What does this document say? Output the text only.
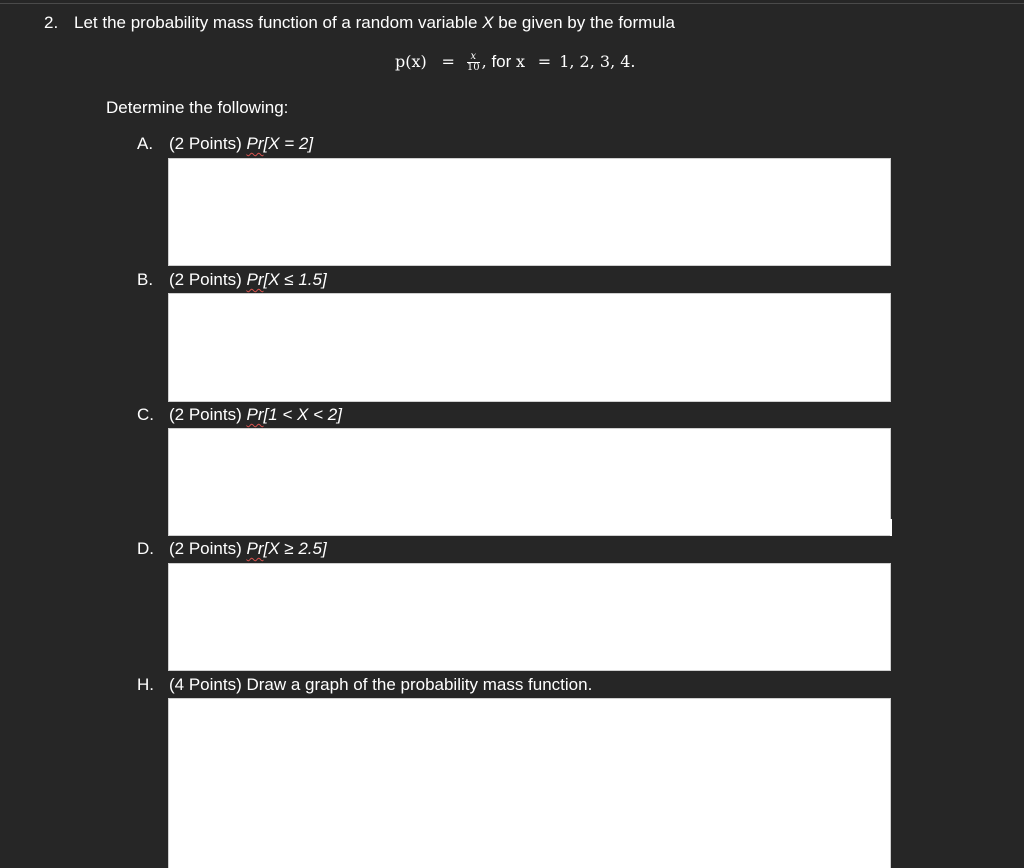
2. Let the probability mass function of a random variable X be given by the formula
$p(x) = \frac{x}{10}$ , for x = 1, 2, 3, 4.
Determine the following:
A. (2 Points) Pr[X = 2]
B. (2 Points) Pr[X ≤ 1.5]
C. (2 Points) Pr[1 < X < 2]
D. (2 Points) Pr[X ≥ 2.5]
H. (4 Points) Draw a graph of the probability mass function.
